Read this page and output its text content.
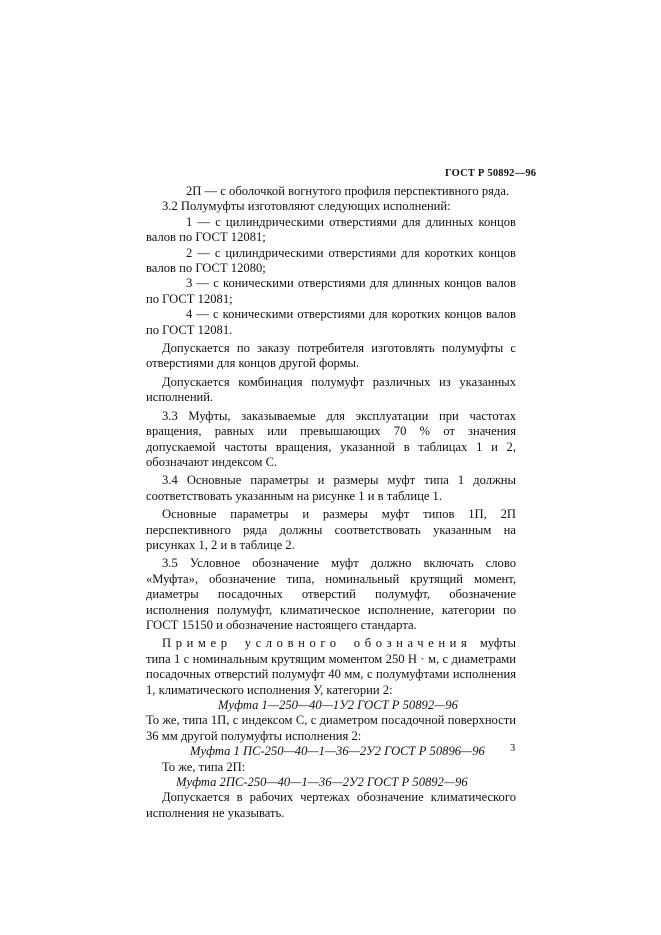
ГОСТ Р 50892—96

2П — с оболочкой вогнутого профиля перспективного ряда.

3.2 Полумуфты изготовляют следующих исполнений:

1 — с цилиндрическими отверстиями для длинных концов валов по ГОСТ 12081;

2 — с цилиндрическими отверстиями для коротких концов валов по ГОСТ 12080;

3 — с коническими отверстиями для длинных концов валов по ГОСТ 12081;

4 — с коническими отверстиями для коротких концов валов по ГОСТ 12081.

Допускается по заказу потребителя изготовлять полумуфты с отверстиями для концов другой формы.

Допускается комбинация полумуфт различных из указанных исполнений.

3.3 Муфты, заказываемые для эксплуатации при частотах вращения, равных или превышающих 70 % от значения допускаемой частоты вращения, указанной в таблицах 1 и 2, обозначают индексом С.

3.4 Основные параметры и размеры муфт типа 1 должны соответствовать указанным на рисунке 1 и в таблице 1.

Основные параметры и размеры муфт типов 1П, 2П перспективного ряда должны соответствовать указанным на рисунках 1, 2 и в таблице 2.

3.5 Условное обозначение муфт должно включать слово «Муфта», обозначение типа, номинальный крутящий момент, диаметры посадочных отверстий полумуфт, обозначение исполнения полумуфт, климатическое исполнение, категории по ГОСТ 15150 и обозначение настоящего стандарта.

Пример условного обозначения муфты типа 1 с номинальным крутящим моментом 250 Н · м, с диаметрами посадочных отверстий полумуфт 40 мм, с полумуфтами исполнения 1, климатического исполнения У, категории 2:

Муфта 1—250—40—1У2 ГОСТ Р 50892—96

То же, типа 1П, с индексом С, с диаметром посадочной поверхности 36 мм другой полумуфты исполнения 2:

Муфта 1 ПС-250—40—1—36—2У2 ГОСТ Р 50896—96

То же, типа 2П:

Муфта 2ПС-250—40—1—36—2У2 ГОСТ Р 50892—96

Допускается в рабочих чертежах обозначение климатического исполнения не указывать.

3
